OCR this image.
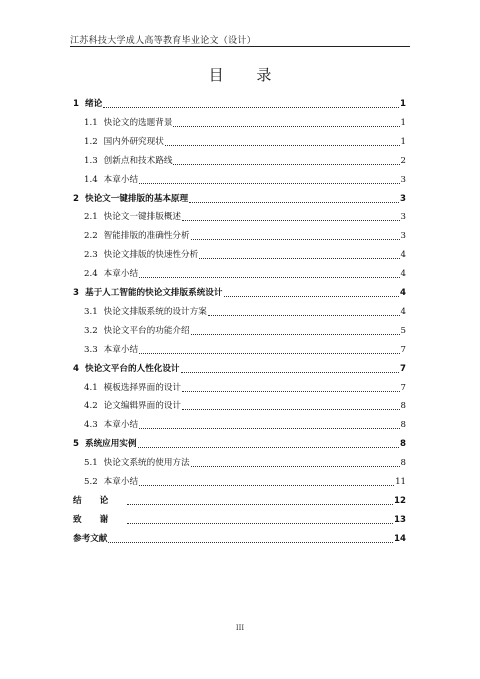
江苏科技大学成人高等教育毕业论文（设计）
目 录
1 绪论	1
1.1 快论文的选题背景	1
1.2 国内外研究现状	1
1.3 创新点和技术路线	2
1.4 本章小结	3
2 快论文一键排版的基本原理	3
2.1 快论文一键排版概述	3
2.2 智能排版的准确性分析	3
2.3 快论文排版的快速性分析	4
2.4 本章小结	4
3 基于人工智能的快论文排版系统设计	4
3.1 快论文排版系统的设计方案	4
3.2 快论文平台的功能介绍	5
3.3 本章小结	7
4 快论文平台的人性化设计	7
4.1 模板选择界面的设计	7
4.2 论文编辑界面的设计	8
4.3 本章小结	8
5 系统应用实例	8
5.1 快论文系统的使用方法	8
5.2 本章小结	11
结论	12
致谢	13
参考文献	14
III
